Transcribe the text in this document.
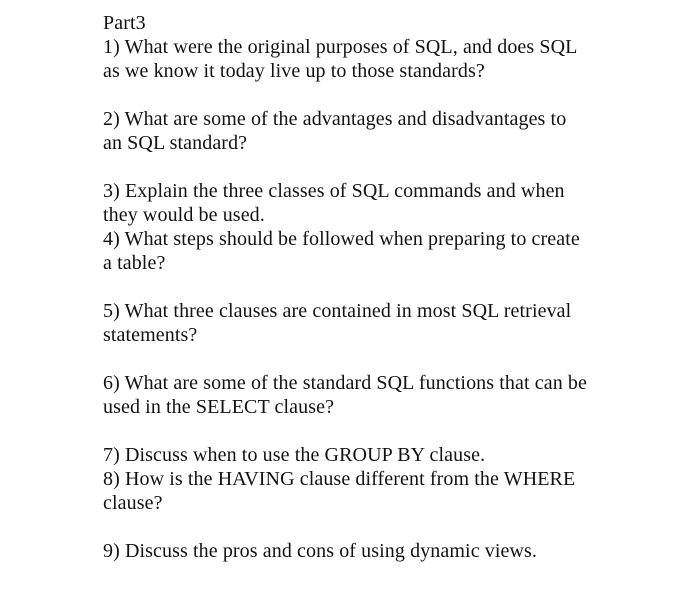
Part3
1) What were the original purposes of SQL, and does SQL
as we know it today live up to those standards?

2) What are some of the advantages and disadvantages to
an SQL standard?

3) Explain the three classes of SQL commands and when
they would be used.
4) What steps should be followed when preparing to create
a table?

5) What three clauses are contained in most SQL retrieval
statements?

6) What are some of the standard SQL functions that can be
used in the SELECT clause?

7) Discuss when to use the GROUP BY clause.
8) How is the HAVING clause different from the WHERE
clause?

9) Discuss the pros and cons of using dynamic views.
